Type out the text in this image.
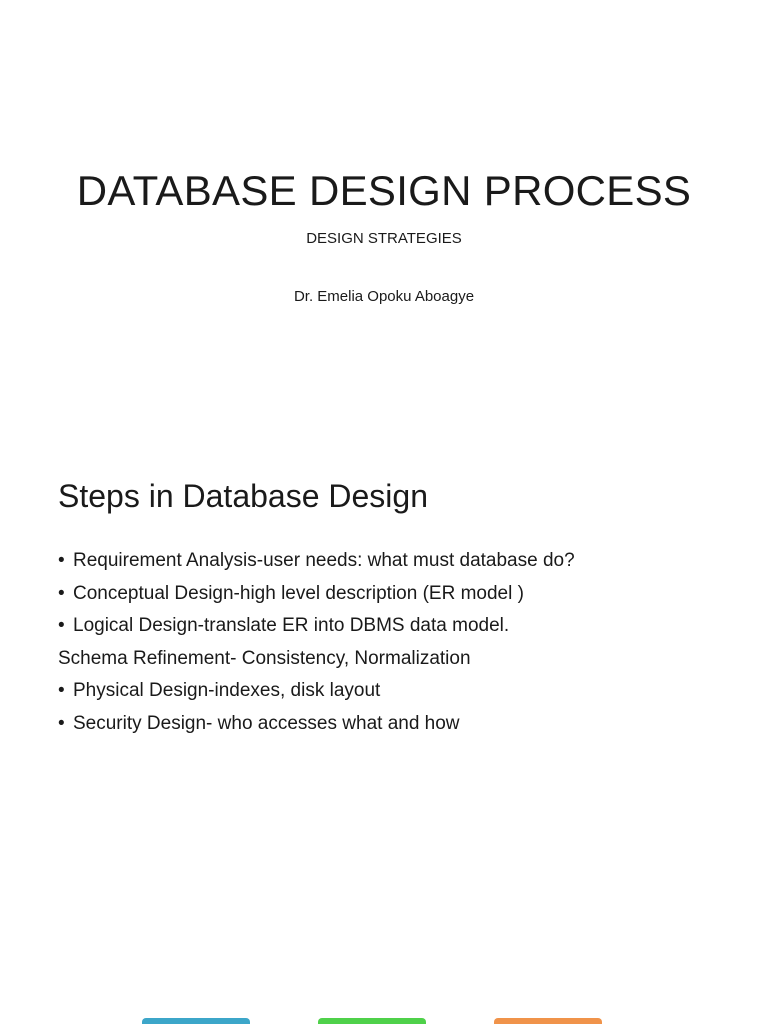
DATABASE DESIGN PROCESS
DESIGN STRATEGIES
Dr. Emelia Opoku Aboagye
Steps in Database Design
• Requirement Analysis-user needs: what must database do?
• Conceptual Design-high level description (ER model )
• Logical Design-translate ER into DBMS data model.
Schema Refinement- Consistency, Normalization
• Physical Design-indexes, disk layout
• Security Design- who accesses what and how
